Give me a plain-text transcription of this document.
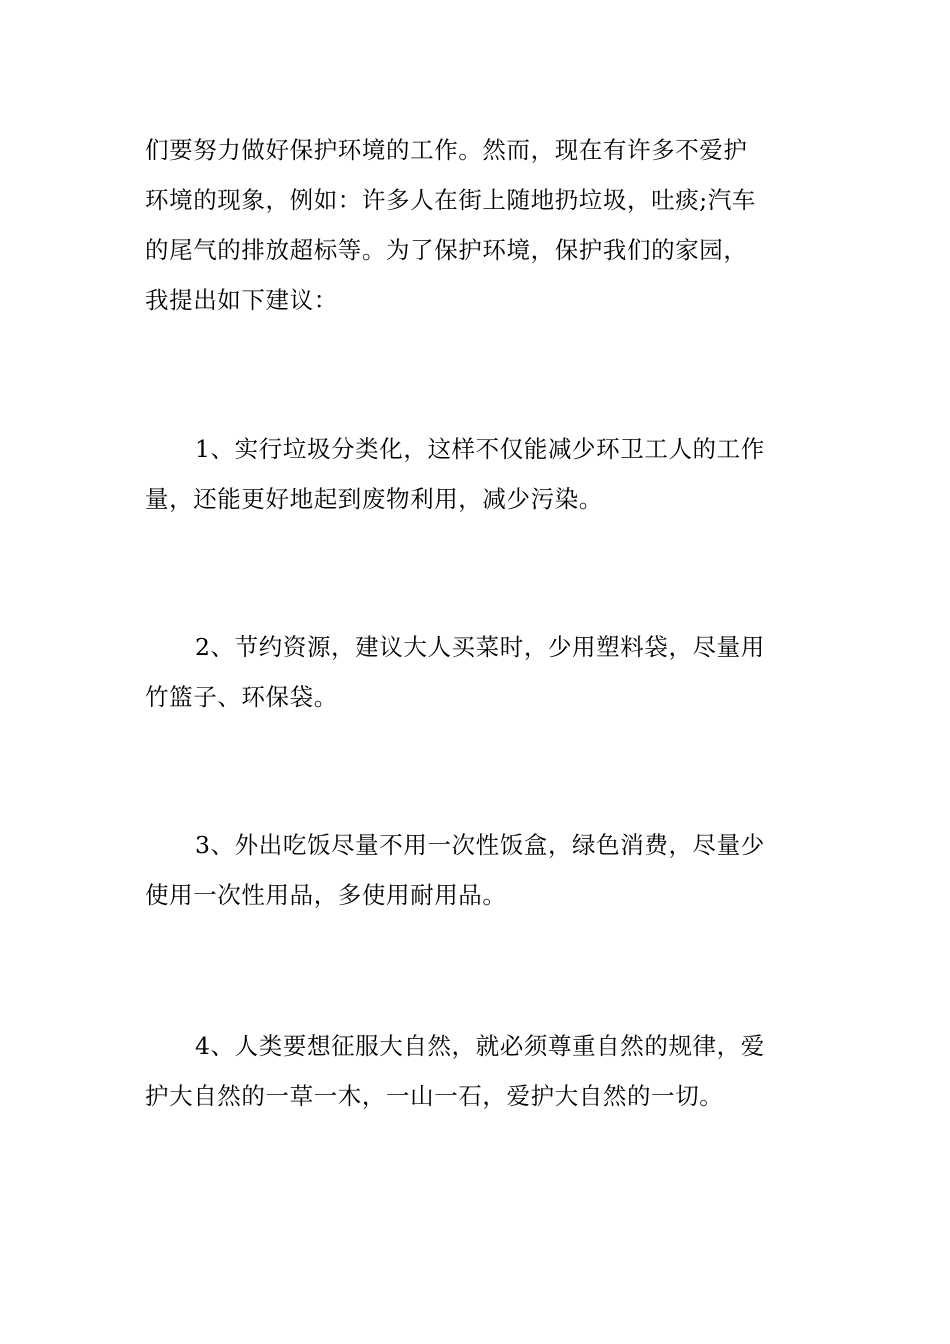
们要努力做好保护环境的工作。然而，现在有许多不爱护
环境的现象，例如：许多人在街上随地扔垃圾，吐痰;汽车
的尾气的排放超标等。为了保护环境，保护我们的家园，
我提出如下建议：

1、实行垃圾分类化，这样不仅能减少环卫工人的工作
量，还能更好地起到废物利用，减少污染。

2、节约资源，建议大人买菜时，少用塑料袋，尽量用
竹篮子、环保袋。

3、外出吃饭尽量不用一次性饭盒，绿色消费，尽量少
使用一次性用品，多使用耐用品。

4、人类要想征服大自然，就必须尊重自然的规律，爱
护大自然的一草一木，一山一石，爱护大自然的一切。
